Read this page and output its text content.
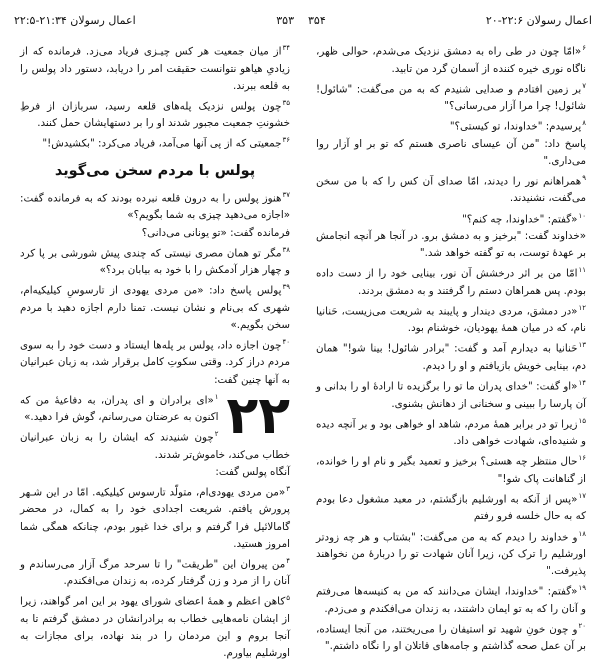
اعمال رسولان ۲۲:۶-۲۰
۳۵۴
۳۵۳
اعمال رسولان ۲۱:۳۴-۲۲:۵

$^۶$«امّا چون در طی راه به دمشق نزدیک می‌شدم، حوالی ظهر، ناگاه نوری خیره کننده از آسمان گرد من تابید.

$^۷$بر زمین افتادم و صدایی شنیدم که به من می‌گفت: "شائول! شائول! چرا مرا آزار می‌رسانی؟"

$^۸$پرسیدم: "خداوندا، تو کیستی؟"

پاسخ داد: "من آن عیسای ناصری هستم که تو بر او آزار روا می‌داری."

$^۹$همراهانم نور را دیدند، امّا صدای آن کس را که با من سخن می‌گفت، نشنیدند.

$^{۱۰}$«گفتم: "خداوندا، چه کنم؟"

«خداوند گفت: "برخیز و به دمشق برو. در آنجا هر آنچه انجامش بر عهدهٔ توست، به تو گفته خواهد شد."

$^{۱۱}$امّا من بر اثر درخشش آن نور، بینایی خود را از دست داده بودم. پس همراهان دستم را گرفتند و به دمشق بردند.

$^{۱۲}$«در دمشق، مردی دیندار و پایبند به شریعت می‌زیست، حَنانیا نام، که در میان همهٔ یهودیان، خوشنام بود.

$^{۱۳}$حَنانیا به دیدارم آمد و گفت: "برادر شائول! بینا شو!" همان دم، بینایی خویش بازیافتم و او را دیدم.

$^{۱۴}$«او گفت: "خدای پدران ما تو را برگزیده تا ارادهٔ او را بدانی و آن پارسا را ببینی و سخنانی از دهانش بشنوی.

$^{۱۵}$زیرا تو در برابر همهٔ مردم، شاهد او خواهی بود و بر آنچه دیده و شنیده‌ای، شهادت خواهی داد.

$^{۱۶}$حال منتظر چه هستی؟ برخیز و تعمید بگیر و نام او را خوانده، از گناهانت پاک شو!"

$^{۱۷}$«پس از آنکه به اورشلیم بازگشتم، در معبد مشغول دعا بودم که به حال خلسه فرو رفتم

$^{۱۸}$و خداوند را دیدم که به من می‌گفت: "بشتاب و هر چه زودتر اورشلیم را ترک کن، زیرا آنان شهادت تو را دربارهٔ من نخواهند پذیرفت."

$^{۱۹}$«گفتم: "خداوندا، ایشان می‌دانند که من به کنیسه‌ها می‌رفتم و آنان را که به تو ایمان داشتند، به زندان می‌افکندم و می‌زدم.

$^{۲۰}$و چون خونِ شهید تو استیفان را می‌ریختند، من آنجا ایستاده، بر آن عمل صحه گذاشتم و جامه‌های قاتلان او را نگاه داشتم."

$^{۳۴}$از میان جمعیت هر کس چیـزی فریاد می‌زد. فرمانده که از زیادیِ هیاهو نتوانست حقیقت امر را دریابد، دستور داد پولس را به قلعه ببرند.

$^{۳۵}$چون پولس نزدیک پله‌های قلعه رسید، سربازان از فرطِ خشونتِ جمعیت مجبور شدند او را بر دستهایشان حمل کنند.

$^{۳۶}$جمعیتی که از پی آنها می‌آمد، فریاد می‌کرد: "بکشیدش!"

پولس با مردم سخن می‌گوید

$^{۳۷}$هنوز پولس را به درون قلعه نبرده بودند که به فرمانده گفت: «اجازه می‌دهید چیزی به شما بگویم؟»

فرمانده گفت: «تو یونانی می‌دانی؟

$^{۳۸}$مگر تو همان مصری نیستی که چندی پیش شورشی بر پا کرد و چهار هزار آدمکش را با خود به بیابان برد؟»

$^{۳۹}$پولس پاسخ داد: «من مردی یهودی از تارسوسِ کیلیکیه‌ام، شهری که بی‌نام و نشان نیست. تمنا دارم اجازه دهید با مردم سخن بگویم.»

$^{۴۰}$چون اجازه داد، پولس بر پله‌ها ایستاد و دست خود را به سوی مردم دراز کرد. وقتی سکوتِ کامل برقرار شد، به زبان عبرانیان به آنها چنین گفت:

۲۲

$^۱$«ای برادران و ای پدران، به دفاعیهٔ من که اکنون به عرضتان می‌رسانم، گوش فرا دهید.»

$^۲$چون شنیدند که ایشان را به زبان عبرانیان خطاب می‌کند، خاموش‌تر شدند.

آنگاه پولس گفت:

$^۳$«من مردی یهودی‌ام، متولّد تارسوس کیلیکیه. امّا در این شـهر پرورش یافتم. شریعت اجدادی خود را به کمال، در محضر گامالائیل فرا گرفتم و برای خدا غیور بودم، چنانکه همگی شما امروز هستید.

$^۴$من پیروان این "طریقت" را تا سرحد مرگ آزار می‌رساندم و آنان را از مرد و زن گرفتار کرده، به زندان می‌افکندم.

$^۵$کاهن اعظم و همهٔ اعضای شورای یهود بر این امر گواهند، زیرا از ایشان نامه‌هایی خطاب به برادرانشان در دمشق گرفتم تا به آنجا بروم و این مردمان را در بند نهاده، برای مجازات به اورشلیم بیاورم.
